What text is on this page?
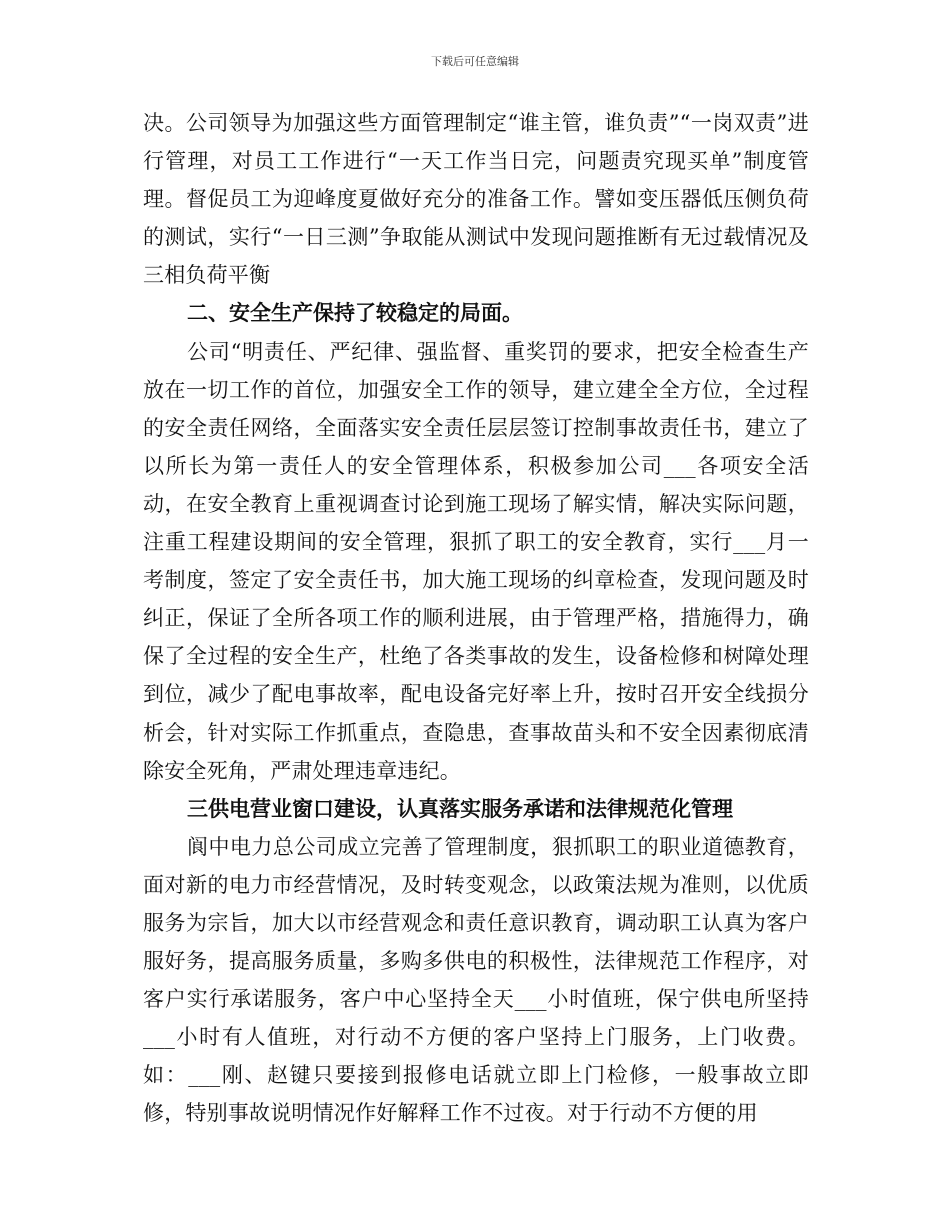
下载后可任意编辑

决。公司领导为加强这些方面管理制定“谁主管，谁负责”“一岗双责”进行管理，对员工工作进行“一天工作当日完，问题责究现买单”制度管理。督促员工为迎峰度夏做好充分的准备工作。譬如变压器低压侧负荷的测试，实行“一日三测”争取能从测试中发现问题推断有无过载情况及三相负荷平衡

二、安全生产保持了较稳定的局面。

公司“明责任、严纪律、强监督、重奖罚的要求，把安全检查生产放在一切工作的首位，加强安全工作的领导，建立建全全方位，全过程的安全责任网络，全面落实安全责任层层签订控制事故责任书，建立了以所长为第一责任人的安全管理体系，积极参加公司___各项安全活动，在安全教育上重视调查讨论到施工现场了解实情，解决实际问题，注重工程建设期间的安全管理，狠抓了职工的安全教育，实行___月一考制度，签定了安全责任书，加大施工现场的纠章检查，发现问题及时纠正，保证了全所各项工作的顺利进展，由于管理严格，措施得力，确保了全过程的安全生产，杜绝了各类事故的发生，设备检修和树障处理到位，减少了配电事故率，配电设备完好率上升，按时召开安全线损分析会，针对实际工作抓重点，查隐患，查事故苗头和不安全因素彻底清除安全死角，严肃处理违章违纪。

三供电营业窗口建设，认真落实服务承诺和法律规范化管理

阆中电力总公司成立完善了管理制度，狠抓职工的职业道德教育，面对新的电力市经营情况，及时转变观念，以政策法规为准则，以优质服务为宗旨，加大以市经营观念和责任意识教育，调动职工认真为客户服好务，提高服务质量，多购多供电的积极性，法律规范工作程序，对客户实行承诺服务，客户中心坚持全天___小时值班，保宁供电所坚持___小时有人值班，对行动不方便的客户坚持上门服务，上门收费。如：___刚、赵键只要接到报修电话就立即上门检修，一般事故立即修，特别事故说明情况作好解释工作不过夜。对于行动不方便的用
